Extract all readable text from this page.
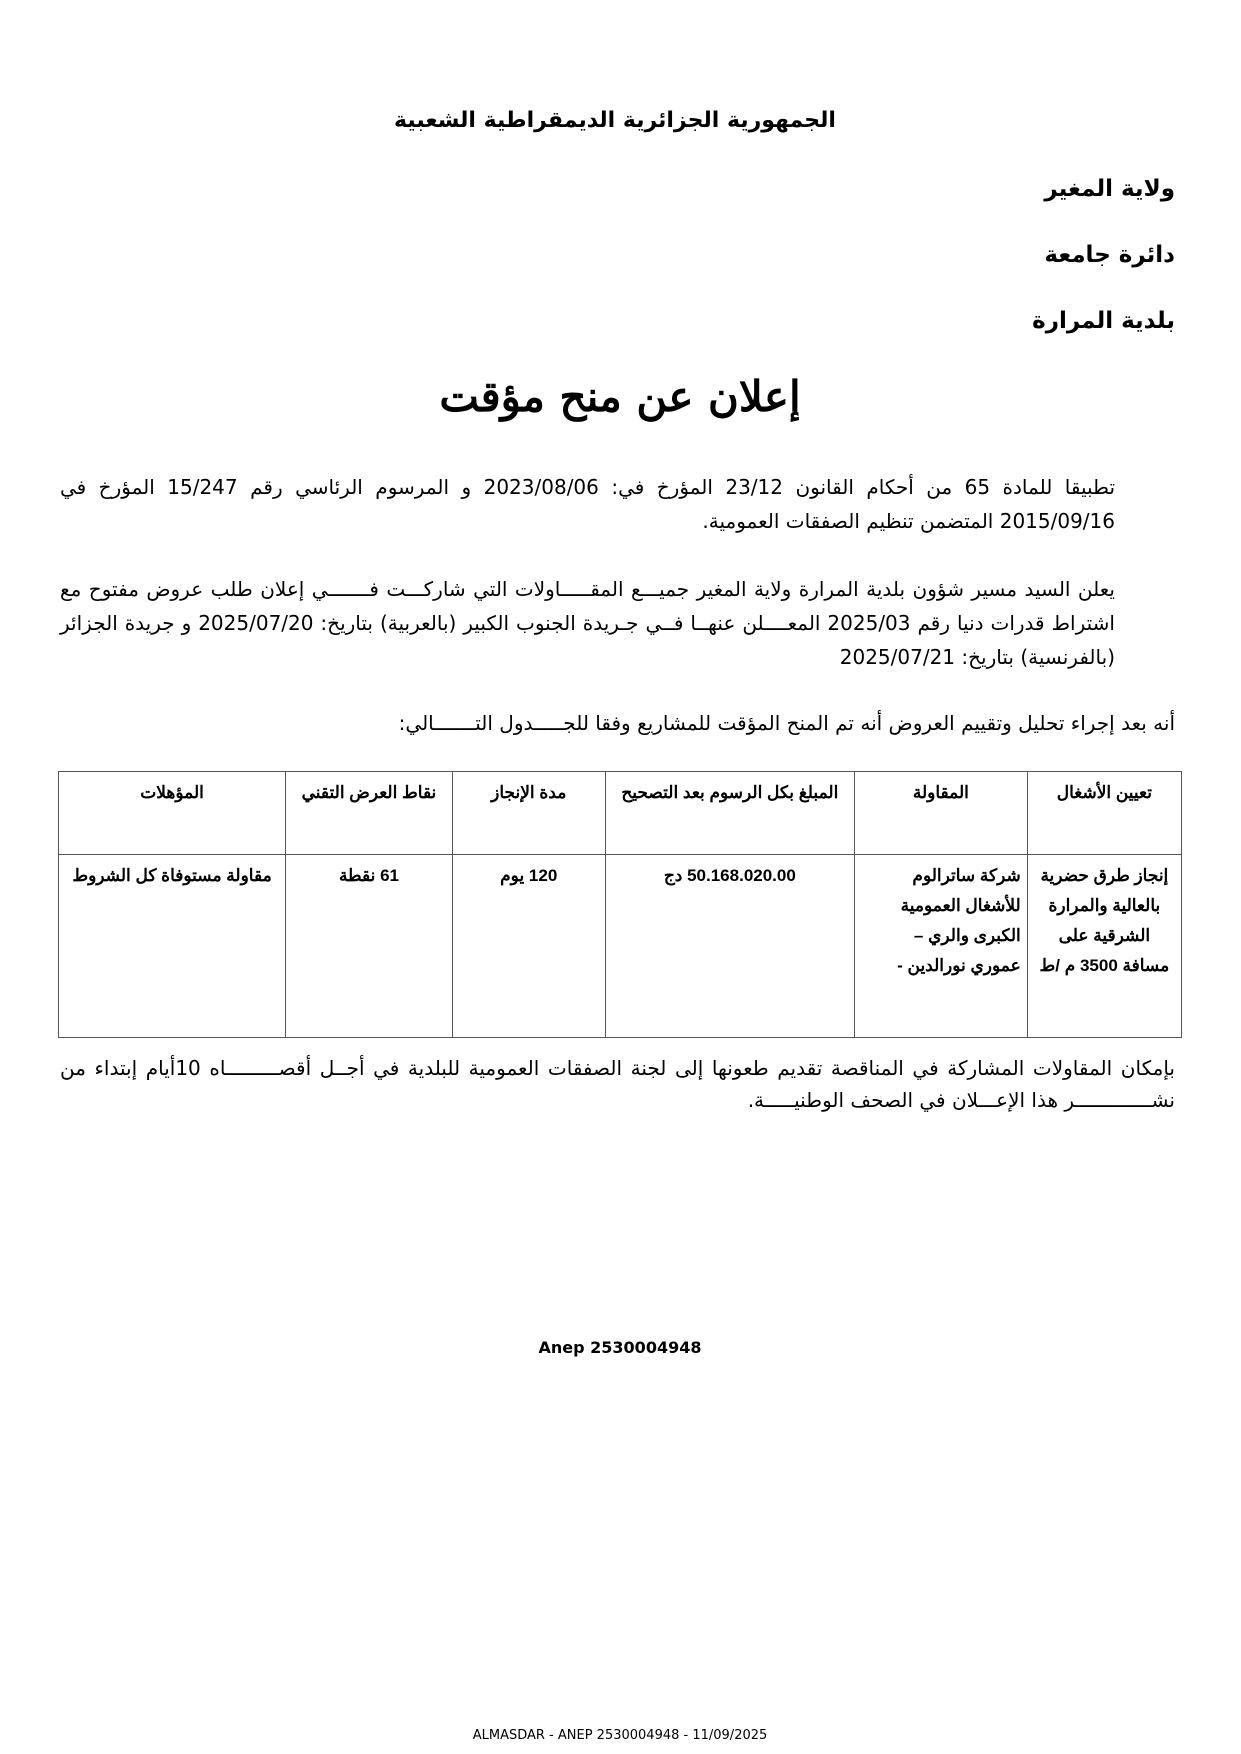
الجمهورية الجزائرية الديمقراطية الشعبية
ولاية المغير
دائرة جامعة
بلدية المرارة
إعلان عن منح مؤقت
تطبيقا للمادة 65 من أحكام القانون 23/12 المؤرخ في: 2023/08/06 و المرسوم الرئاسي رقم 15/247 المؤرخ في 2015/09/16 المتضمن تنظيم الصفقات العمومية.
يعلن السيد مسير شؤون بلدية المرارة ولاية المغير جميـــع المقـــــاولات التي شاركـــت فـــــــي إعلان طلب عروض مفتوح مع اشتراط قدرات دنيا رقم 2025/03 المعــــلن عنهــا فــي جـريدة الجنوب الكبير (بالعربية) بتاريخ: 2025/07/20 و جريدة الجزائر (بالفرنسية) بتاريخ: 2025/07/21
أنه بعد إجراء تحليل وتقييم العروض أنه تم المنح المؤقت للمشاريع وفقا للجـــــدول التـــــــالي:
تعيين الأشغال	المقاولة	المبلغ بكل الرسوم بعد التصحيح	مدة الإنجاز	نقاط العرض التقني	المؤهلات
إنجاز طرق حضرية بالعالية والمرارة الشرقية على مسافة 3500 م /ط	شركة ساترالوم للأشغال العمومية الكبرى والري – عموري نورالدين -	50.168.020.00 دج	120 يوم	61 نقطة	مقاولة مستوفاة كل الشروط
بإمكان المقاولات المشاركة في المناقصة تقديم طعونها إلى لجنة الصفقات العمومية للبلدية في أجــل أقصـــــــــاه 10أيام إبتداء من نشـــــــــــــر هذا الإعـــلان في الصحف الوطنيـــــة.
Anep 2530004948
ALMASDAR - ANEP 2530004948 - 11/09/2025
